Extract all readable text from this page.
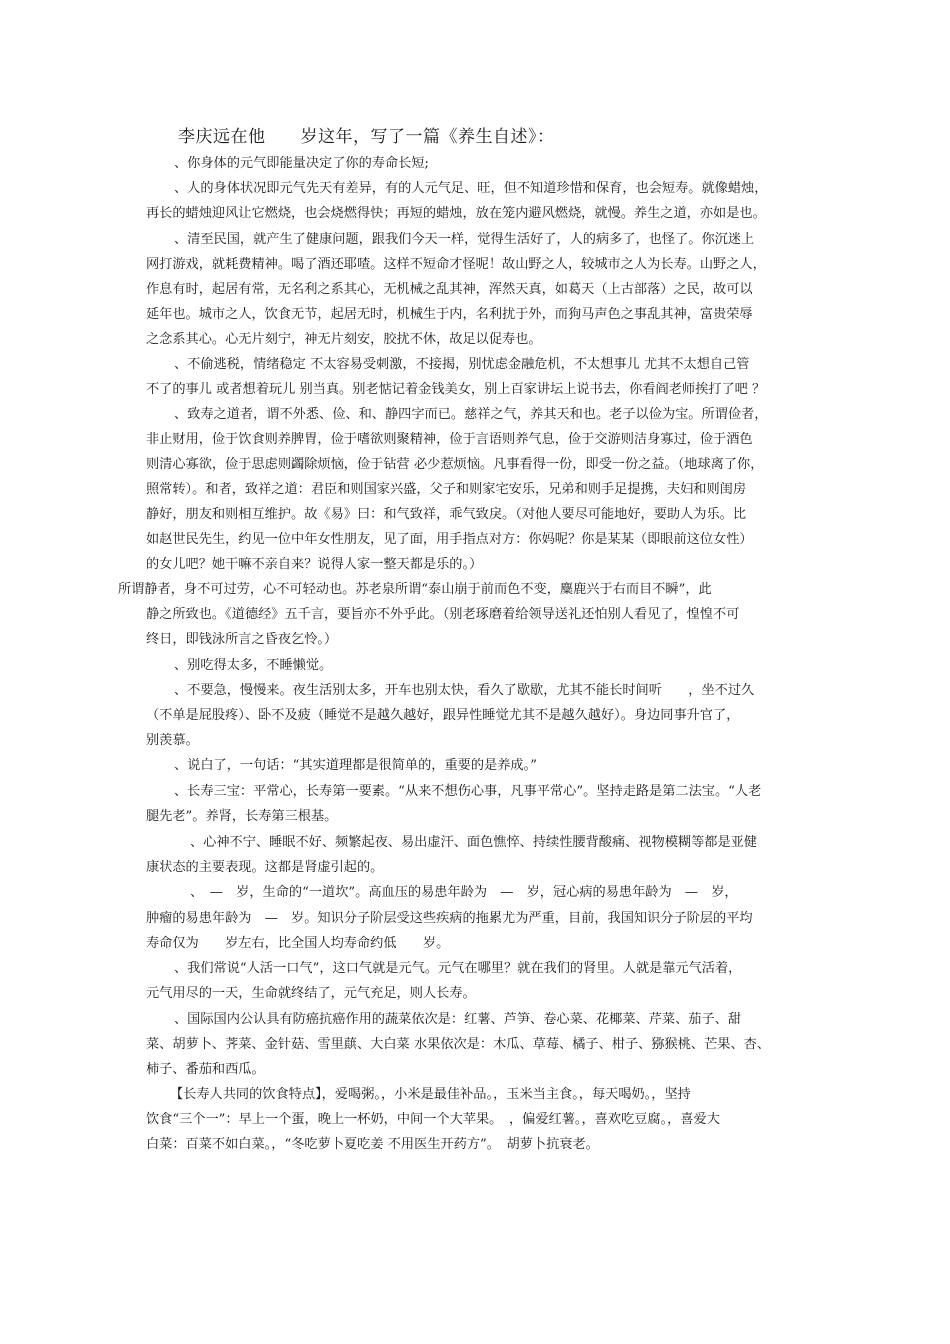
李庆远在他　　岁这年，写了一篇《养生自述》：
、你身体的元气即能量决定了你的寿命长短;
、人的身体状况即元气先天有差异，有的人元气足、旺，但不知道珍惜和保育，也会短寿。就像蜡烛，
再长的蜡烛迎风让它燃烧，也会烧燃得快；再短的蜡烛，放在笼内避风燃烧，就慢。养生之道，亦如是也。
、清至民国，就产生了健康问题，跟我们今天一样，觉得生活好了，人的病多了，也怪了。你沉迷上
网打游戏，就耗费精神。喝了酒还耶喳。这样不短命才怪呢！故山野之人，较城市之人为长寿。山野之人，
作息有时，起居有常，无名利之系其心，无机械之乱其神，浑然天真，如葛天（上古部落）之民，故可以
延年也。城市之人，饮食无节，起居无时，机械生于内，名利扰于外，而狗马声色之事乱其神，富贵荣辱
之念系其心。心无片刻宁，神无片刻安，胶扰不休，故足以促寿也。
、不偷逃税，情绪稳定 不太容易受刺激，不接揭，别忧虑金融危机，不太想事儿 尤其不太想自己管
不了的事儿 或者想着玩儿 别当真。别老惦记着金钱美女，别上百家讲坛上说书去，你看阎老师挨打了吧 ？
、致寿之道者，谓不外悉、俭、和、静四字而已。慈祥之气，养其天和也。老子以俭为宝。所谓俭者，
非止财用，俭于饮食则养脾胃，俭于嗜欲则聚精神，俭于言语则养气息，俭于交游则洁身寡过，俭于酒色
则清心寡欲，俭于思虑则蠲除烦恼，俭于钻营 必少惹烦恼。凡事看得一份，即受一份之益。（地球离了你，
照常转）。和者，致祥之道：君臣和则国家兴盛，父子和则家宅安乐，兄弟和则手足提携，夫妇和则闺房
静好，朋友和则相互维护。故《易》曰：和气致祥，乖气致戾。（对他人要尽可能地好，要助人为乐。比
如赵世民先生，约见一位中年女性朋友，见了面，用手指点对方：你妈呢？你是某某（即眼前这位女性）
的女儿吧？她干嘛不亲自来？说得人家一整天都是乐的。）
所谓静者，身不可过劳，心不可轻动也。苏老泉所谓“泰山崩于前而色不变，麋鹿兴于右而目不瞬”，此
静之所致也。《道德经》五千言，要旨亦不外乎此。（别老琢磨着给领导送礼还怕别人看见了，惶惶不可
终日，即钱泳所言之昏夜乞怜。）
、别吃得太多，不睡懒觉。
、不要急，慢慢来。夜生活别太多，开车也别太快，看久了歇歇，尤其不能长时间听　　，坐不过久
（不单是屁股疼）、卧不及疲（睡觉不是越久越好，跟异性睡觉尤其不是越久越好）。身边同事升官了，
别羡慕。
、说白了，一句话：“其实道理都是很简单的，重要的是养成。”
、长寿三宝：平常心，长寿第一要素。“从来不想伤心事，凡事平常心”。坚持走路是第二法宝。“人老
腿先老”。养肾，长寿第三根基。
、心神不宁、睡眠不好、频繁起夜、易出虚汗、面色憔悴、持续性腰背酸痛、视物模糊等都是亚健
康状态的主要表现。这都是肾虚引起的。
、　—　岁，生命的“一道坎”。高血压的易患年龄为　—　岁，冠心病的易患年龄为　—　岁，
肿瘤的易患年龄为　—　岁。知识分子阶层受这些疾病的拖累尤为严重，目前，我国知识分子阶层的平均
寿命仅为　　岁左右，比全国人均寿命约低　　岁。
、我们常说“人活一口气”，这口气就是元气。元气在哪里？就在我们的肾里。人就是靠元气活着，
元气用尽的一天，生命就终结了，元气充足，则人长寿。
、国际国内公认具有防癌抗癌作用的蔬菜依次是：红薯、芦笋、卷心菜、花椰菜、芹菜、茄子、甜
菜、胡萝卜、荠菜、金针菇、雪里蕻、大白菜 水果依次是：木瓜、草莓、橘子、柑子、猕猴桃、芒果、杏、
柿子、番茄和西瓜。
【长寿人共同的饮食特点】，爱喝粥。，小米是最佳补品。，玉米当主食。，每天喝奶。，坚持
饮食“三个一”：早上一个蛋，晚上一杯奶，中间一个大苹果。　，偏爱红薯。，喜欢吃豆腐。，喜爱大
白菜：百菜不如白菜。，“冬吃萝卜夏吃姜 不用医生开药方”。　胡萝卜抗衰老。
